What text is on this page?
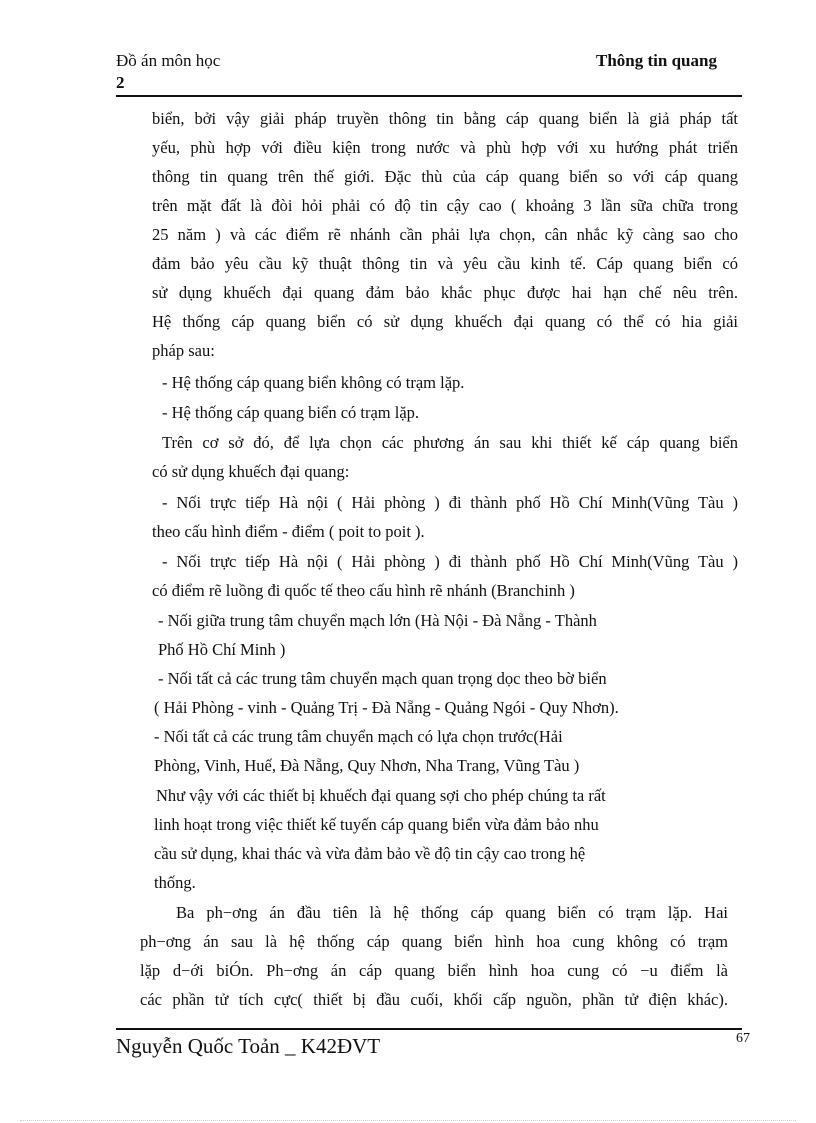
Đồ án môn học
2
Thông tin quang
biển, bởi vậy giải pháp truyền thông tin bằng cáp quang biển là giả pháp tất
yếu, phù hợp với điều kiện trong nước và phù hợp với xu hướng phát triển
thông tin quang trên thế giới. Đặc thù của cáp quang biển so với cáp quang
trên mặt đất là đòi hỏi phải có độ tin cậy cao ( khoảng 3 lần sữa chữa trong
25 năm ) và các điểm rẽ nhánh cần phải lựa chọn, cân nhắc kỹ càng sao cho
đảm bảo yêu cầu kỹ thuật thông tin và yêu cầu kinh tế. Cáp quang biển có
sử dụng khuếch đại quang đảm bảo khắc phục được hai hạn chế nêu trên.
Hệ thống cáp quang biển có sử dụng khuếch đại quang có thể có hia giải
pháp sau:
- Hệ thống cáp quang biển không có trạm lặp.
- Hệ thống cáp quang biển có trạm lặp.
Trên cơ sở đó, để lựa chọn các phương án sau khi thiết kế cáp quang biển
có sử dụng khuếch đại quang:
- Nối trực tiếp Hà nội ( Hải phòng ) đi thành phố Hồ Chí Minh(Vũng Tàu )
theo cấu hình điểm - điểm ( poit to poit ).
- Nối trực tiếp Hà nội ( Hải phòng ) đi thành phố Hồ Chí Minh(Vũng Tàu )
có điểm rẽ luồng đi quốc tế theo cấu hình rẽ nhánh (Branchinh )
- Nối giữa trung tâm chuyển mạch lớn (Hà Nội - Đà Nẵng - Thành
Phố Hồ Chí Minh )
- Nối tất cả các trung tâm chuyển mạch quan trọng dọc theo bờ biển
( Hải Phòng - vinh - Quảng Trị - Đà Nẵng - Quảng Ngói - Quy Nhơn).
- Nối tất cả các trung tâm chuyển mạch có lựa chọn trước(Hải
Phòng, Vinh, Huế, Đà Nẵng, Quy Nhơn, Nha Trang, Vũng Tàu )
Như vậy với các thiết bị khuếch đại quang sợi cho phép chúng ta rất
linh hoạt trong việc thiết kế tuyến cáp quang biển vừa đảm bảo nhu
cầu sử dụng, khai thác và vừa đảm bảo về độ tin cậy cao trong hệ
thống.
Ba ph−ơng án đầu tiên là hệ thống cáp quang biển có trạm lặp. Hai
ph−ơng án sau là hệ thống cáp quang biển hình hoa cung không có trạm
lặp d−ới biÓn. Ph−ơng án cáp quang biển hình hoa cung có −u điểm là
các phần tử tích cực( thiết bị đầu cuối, khối cấp nguồn, phần tử điện khác).
Nguyễn Quốc Toản _ K42ĐVT	67
